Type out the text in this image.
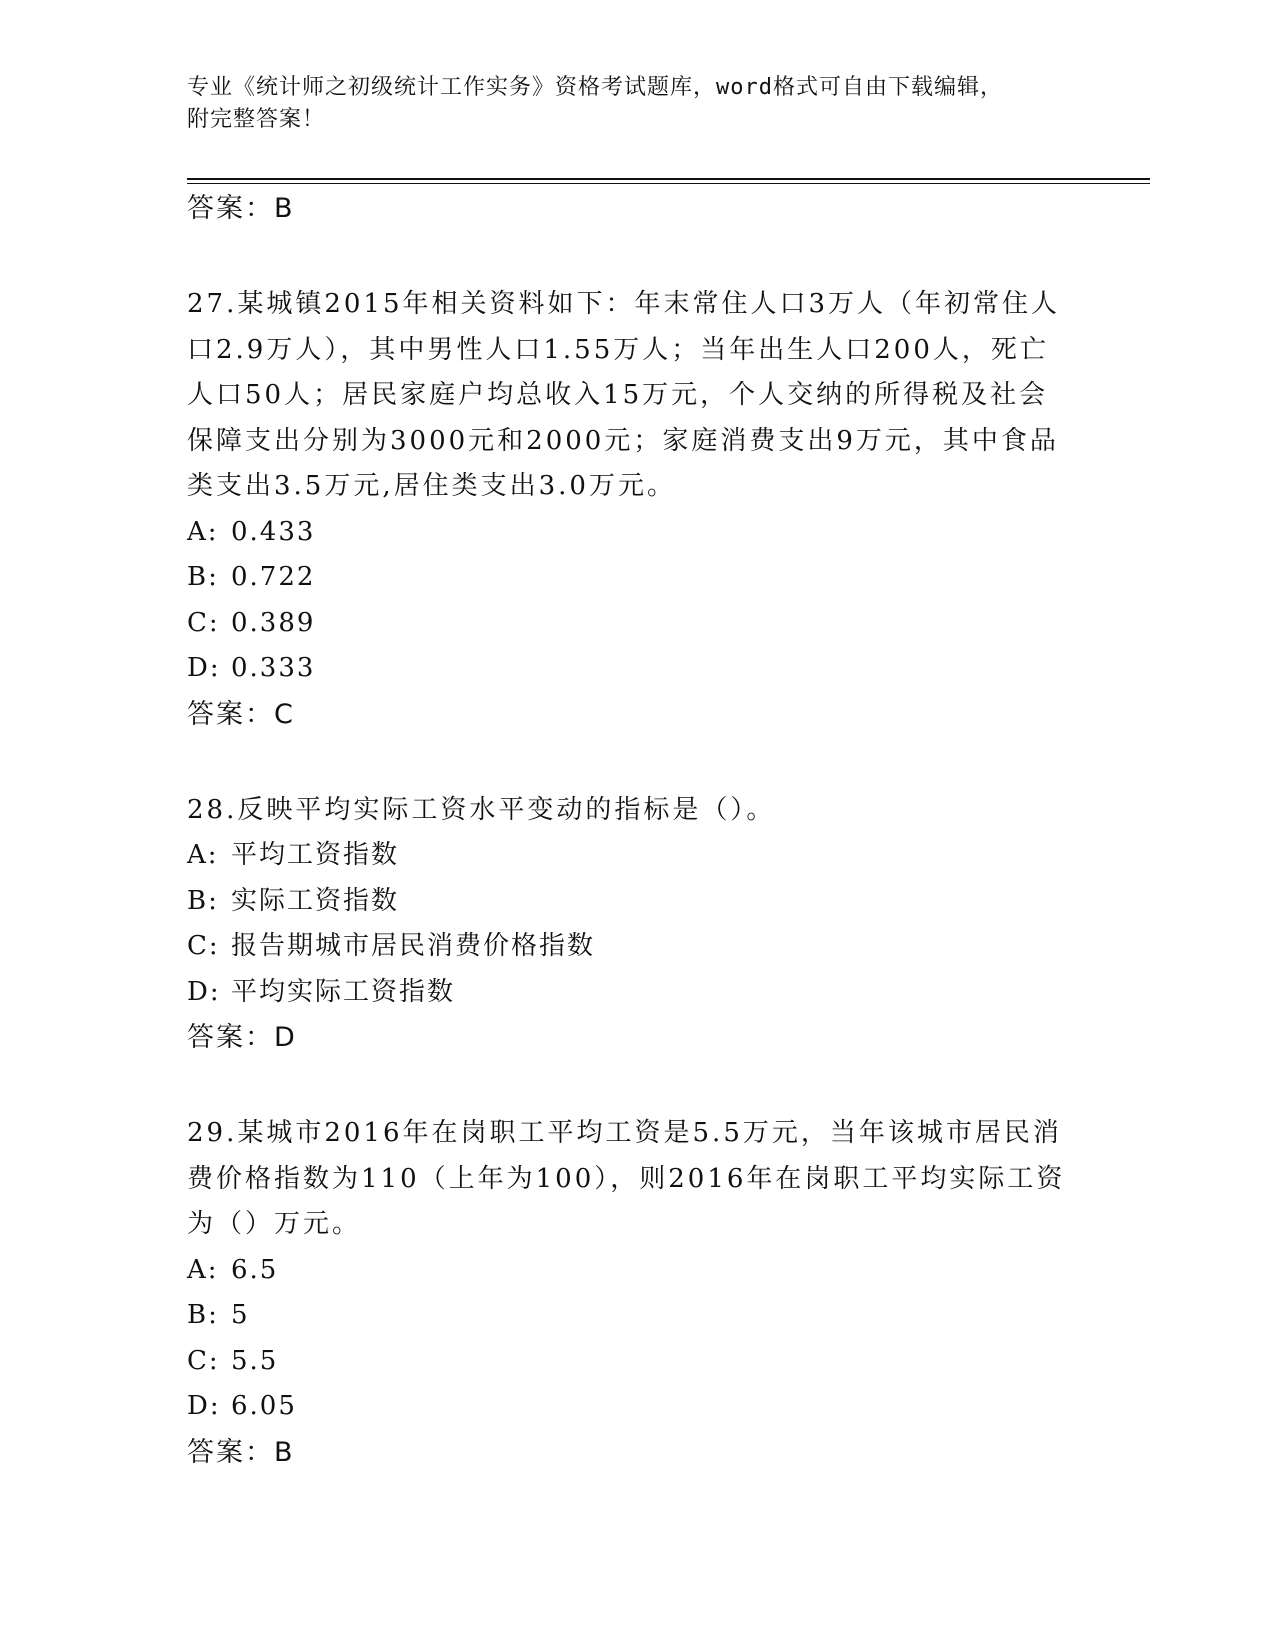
专业《统计师之初级统计工作实务》资格考试题库，word格式可自由下载编辑，
附完整答案！
答案：B
27.某城镇2015年相关资料如下：年末常住人口3万人（年初常住人
口2.9万人），其中男性人口1.55万人；当年出生人口200人，死亡
人口50人；居民家庭户均总收入15万元，个人交纳的所得税及社会
保障支出分别为3000元和2000元；家庭消费支出9万元，其中食品
类支出3.5万元,居住类支出3.0万元。
A: 0.433
B: 0.722
C: 0.389
D: 0.333
答案：C
28.反映平均实际工资水平变动的指标是（）。
A: 平均工资指数
B: 实际工资指数
C: 报告期城市居民消费价格指数
D: 平均实际工资指数
答案：D
29.某城市2016年在岗职工平均工资是5.5万元，当年该城市居民消
费价格指数为110（上年为100），则2016年在岗职工平均实际工资
为（）万元。
A: 6.5
B: 5
C: 5.5
D: 6.05
答案：B
